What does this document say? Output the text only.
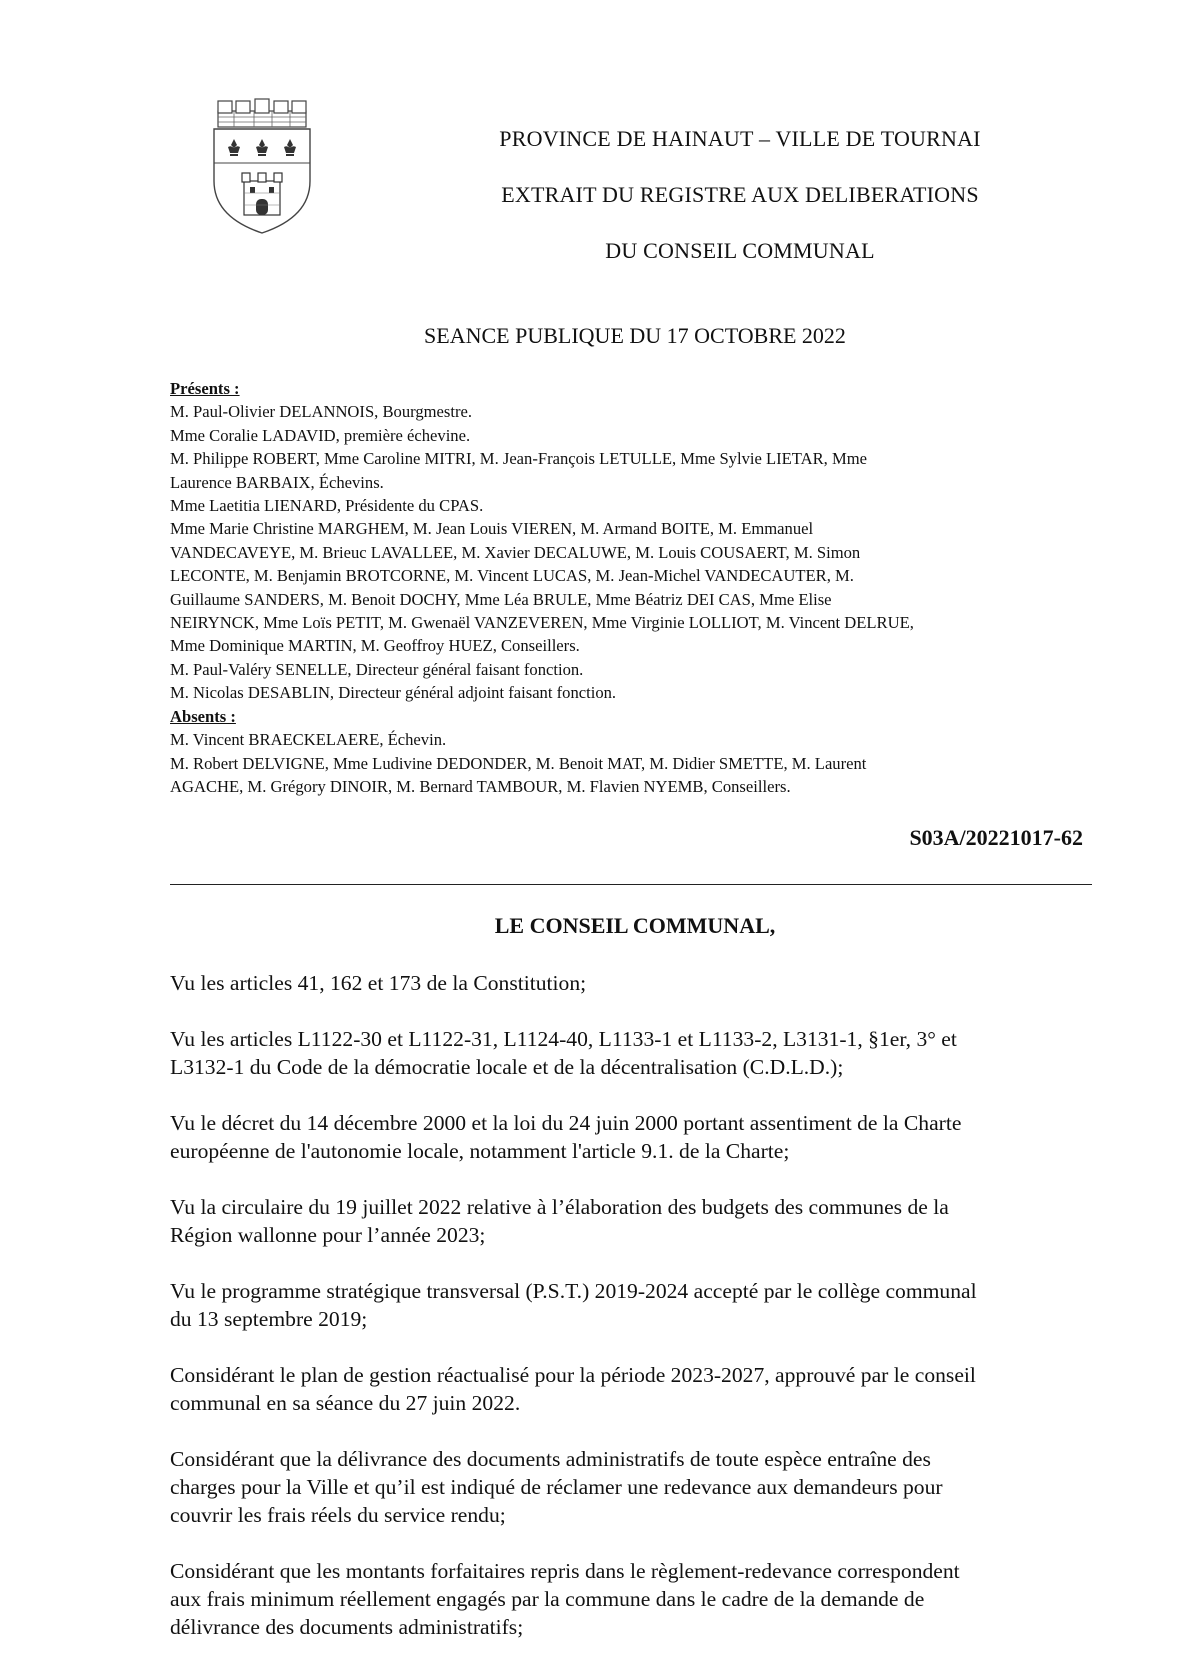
PROVINCE DE HAINAUT – VILLE DE TOURNAI
EXTRAIT DU REGISTRE AUX DELIBERATIONS
DU CONSEIL COMMUNAL
SEANCE PUBLIQUE DU 17 OCTOBRE 2022

Présents :

M. Paul-Olivier DELANNOIS, Bourgmestre.

Mme Coralie LADAVID, première échevine.

M. Philippe ROBERT, Mme Caroline MITRI, M. Jean-François LETULLE, Mme Sylvie LIETAR, Mme

Laurence BARBAIX, Échevins.

Mme Laetitia LIENARD, Présidente du CPAS.

Mme Marie Christine MARGHEM, M. Jean Louis VIEREN, M. Armand BOITE, M. Emmanuel

VANDECAVEYE, M. Brieuc LAVALLEE, M. Xavier DECALUWE, M. Louis COUSAERT, M. Simon

LECONTE, M. Benjamin BROTCORNE, M. Vincent LUCAS, M. Jean-Michel VANDECAUTER, M.

Guillaume SANDERS, M. Benoit DOCHY, Mme Léa BRULE, Mme Béatriz DEI CAS, Mme Elise

NEIRYNCK, Mme Loïs PETIT, M. Gwenaël VANZEVEREN, Mme Virginie LOLLIOT, M. Vincent DELRUE,

Mme Dominique MARTIN, M. Geoffroy HUEZ, Conseillers.

M. Paul-Valéry SENELLE, Directeur général faisant fonction.

M. Nicolas DESABLIN, Directeur général adjoint faisant fonction.

Absents :

M. Vincent BRAECKELAERE, Échevin.

M. Robert DELVIGNE, Mme Ludivine DEDONDER, M. Benoit MAT, M. Didier SMETTE, M. Laurent

AGACHE, M. Grégory DINOIR, M. Bernard TAMBOUR, M. Flavien NYEMB, Conseillers.

S03A/20221017-62
LE CONSEIL COMMUNAL,

Vu les articles 41, 162 et 173 de la Constitution;

Vu les articles L1122-30 et L1122-31, L1124-40, L1133-1 et L1133-2, L3131-1, §1er, 3° et
L3132-1 du Code de la démocratie locale et de la décentralisation (C.D.L.D.);

Vu le décret du 14 décembre 2000 et la loi du 24 juin 2000 portant assentiment de la Charte
européenne de l'autonomie locale, notamment l'article 9.1. de la Charte;

Vu la circulaire du 19 juillet 2022 relative à l’élaboration des budgets des communes de la
Région wallonne pour l’année 2023;

Vu le programme stratégique transversal (P.S.T.) 2019-2024 accepté par le collège communal
du 13 septembre 2019;

Considérant le plan de gestion réactualisé pour la période 2023-2027, approuvé par le conseil
communal en sa séance du 27 juin 2022.

Considérant que la délivrance des documents administratifs de toute espèce entraîne des
charges pour la Ville et qu’il est indiqué de réclamer une redevance aux demandeurs pour
couvrir les frais réels du service rendu;

Considérant que les montants forfaitaires repris dans le règlement-redevance correspondent
aux frais minimum réellement engagés par la commune dans le cadre de la demande de
délivrance des documents administratifs;
